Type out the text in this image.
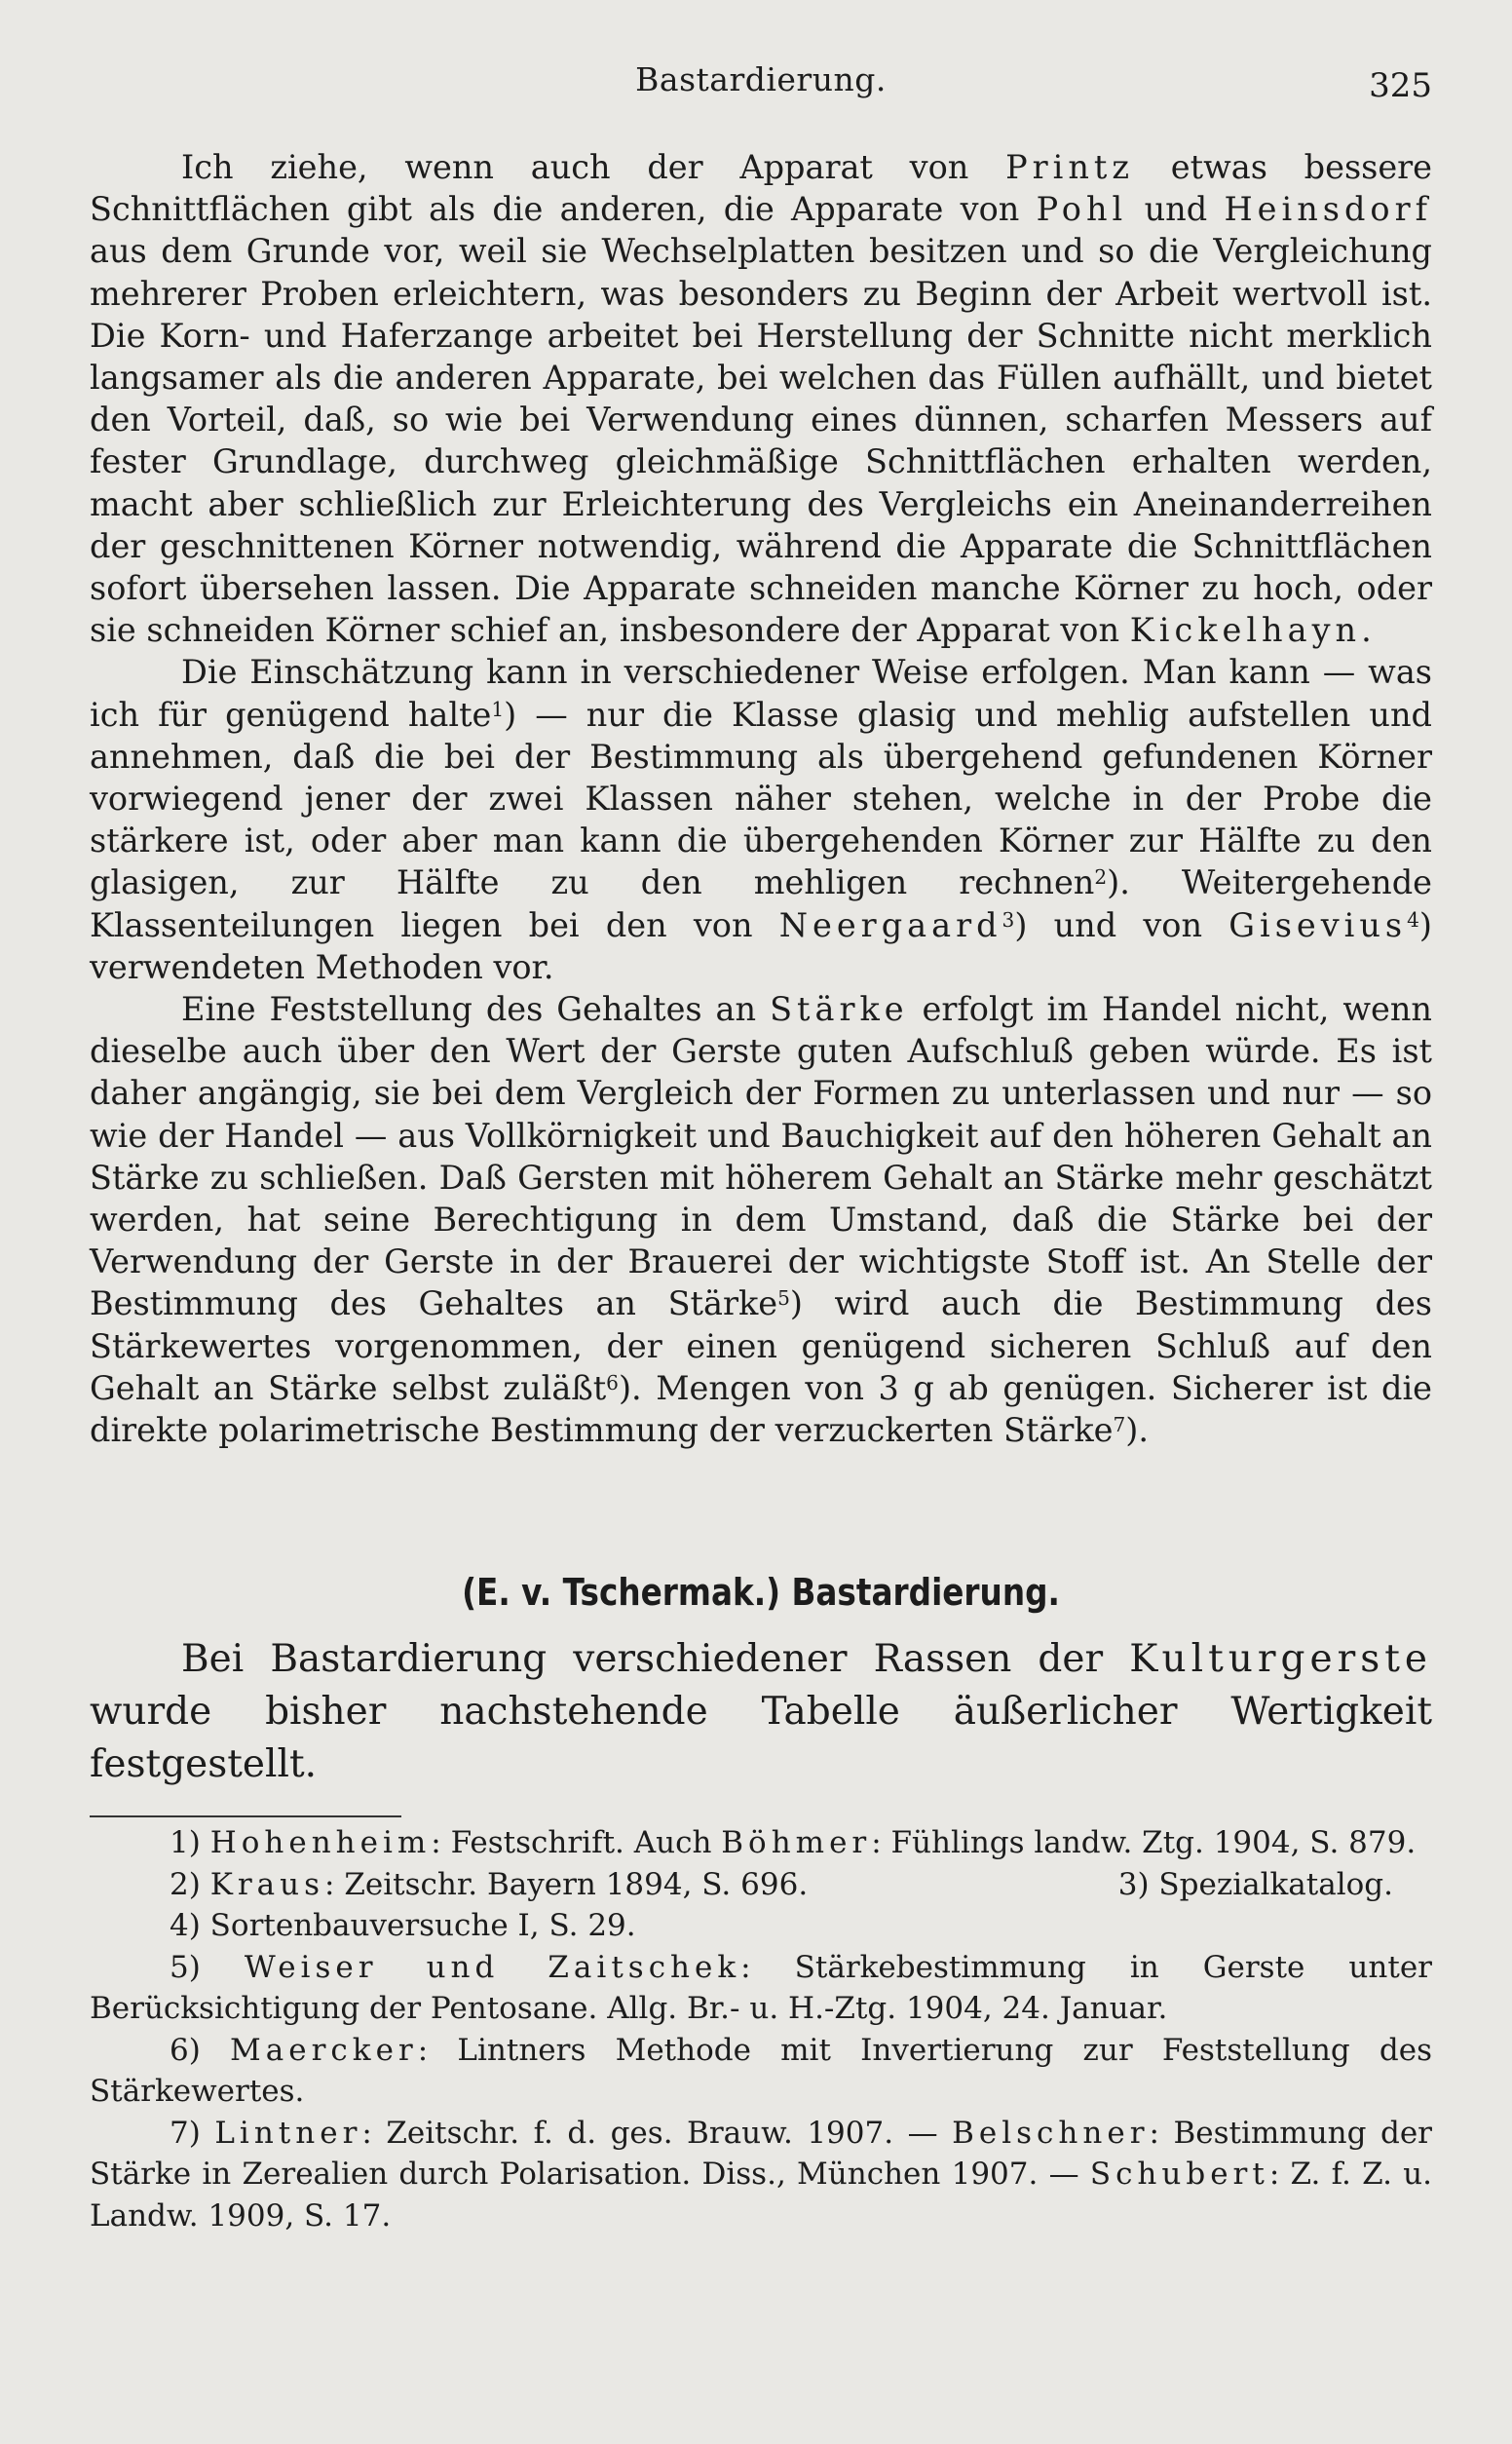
Bastardierung.	325

Ich ziehe, wenn auch der Apparat von Printz etwas bessere Schnittflächen gibt als die anderen, die Apparate von Pohl und Heinsdorf aus dem Grunde vor, weil sie Wechselplatten besitzen und so die Vergleichung mehrerer Proben erleichtern, was besonders zu Beginn der Arbeit wertvoll ist. Die Korn- und Haferzange arbeitet bei Herstellung der Schnitte nicht merklich langsamer als die anderen Apparate, bei welchen das Füllen aufhällt, und bietet den Vorteil, daß, so wie bei Verwendung eines dünnen, scharfen Messers auf fester Grundlage, durchweg gleichmäßige Schnittflächen erhalten werden, macht aber schließlich zur Erleichterung des Vergleichs ein Aneinanderreihen der geschnittenen Körner notwendig, während die Apparate die Schnittflächen sofort übersehen lassen. Die Apparate schneiden manche Körner zu hoch, oder sie schneiden Körner schief an, insbesondere der Apparat von Kickelhayn.

Die Einschätzung kann in verschiedener Weise erfolgen. Man kann — was ich für genügend halte$^1$) — nur die Klasse glasig und mehlig aufstellen und annehmen, daß die bei der Bestimmung als übergehend gefundenen Körner vorwiegend jener der zwei Klassen näher stehen, welche in der Probe die stärkere ist, oder aber man kann die übergehenden Körner zur Hälfte zu den glasigen, zur Hälfte zu den mehligen rechnen$^2$). Weitergehende Klassenteilungen liegen bei den von Neergaard$^3$) und von Gisevius$^4$) verwendeten Methoden vor.

Eine Feststellung des Gehaltes an Stärke erfolgt im Handel nicht, wenn dieselbe auch über den Wert der Gerste guten Aufschluß geben würde. Es ist daher angängig, sie bei dem Vergleich der Formen zu unterlassen und nur — so wie der Handel — aus Vollkörnigkeit und Bauchigkeit auf den höheren Gehalt an Stärke zu schließen. Daß Gersten mit höherem Gehalt an Stärke mehr geschätzt werden, hat seine Berechtigung in dem Umstand, daß die Stärke bei der Verwendung der Gerste in der Brauerei der wichtigste Stoff ist. An Stelle der Bestimmung des Gehaltes an Stärke$^5$) wird auch die Bestimmung des Stärkewertes vorgenommen, der einen genügend sicheren Schluß auf den Gehalt an Stärke selbst zuläßt$^6$). Mengen von 3 g ab genügen. Sicherer ist die direkte polarimetrische Bestimmung der verzuckerten Stärke$^7$).

(E. v. Tschermak.) Bastardierung.

Bei Bastardierung verschiedener Rassen der Kulturgerste wurde bisher nachstehende Tabelle äußerlicher Wertigkeit festgestellt.

1) Hohenheim: Festschrift. Auch Böhmer: Fühlings landw. Ztg. 1904, S. 879.

2) Kraus: Zeitschr. Bayern 1894, S. 696.	3) Spezialkatalog.

4) Sortenbauversuche I, S. 29.

5) Weiser und Zaitschek: Stärkebestimmung in Gerste unter Berücksichtigung der Pentosane. Allg. Br.- u. H.-Ztg. 1904, 24. Januar.

6) Maercker: Lintners Methode mit Invertierung zur Feststellung des Stärkewertes.

7) Lintner: Zeitschr. f. d. ges. Brauw. 1907. — Belschner: Bestimmung der Stärke in Zerealien durch Polarisation. Diss., München 1907. — Schubert: Z. f. Z. u. Landw. 1909, S. 17.
